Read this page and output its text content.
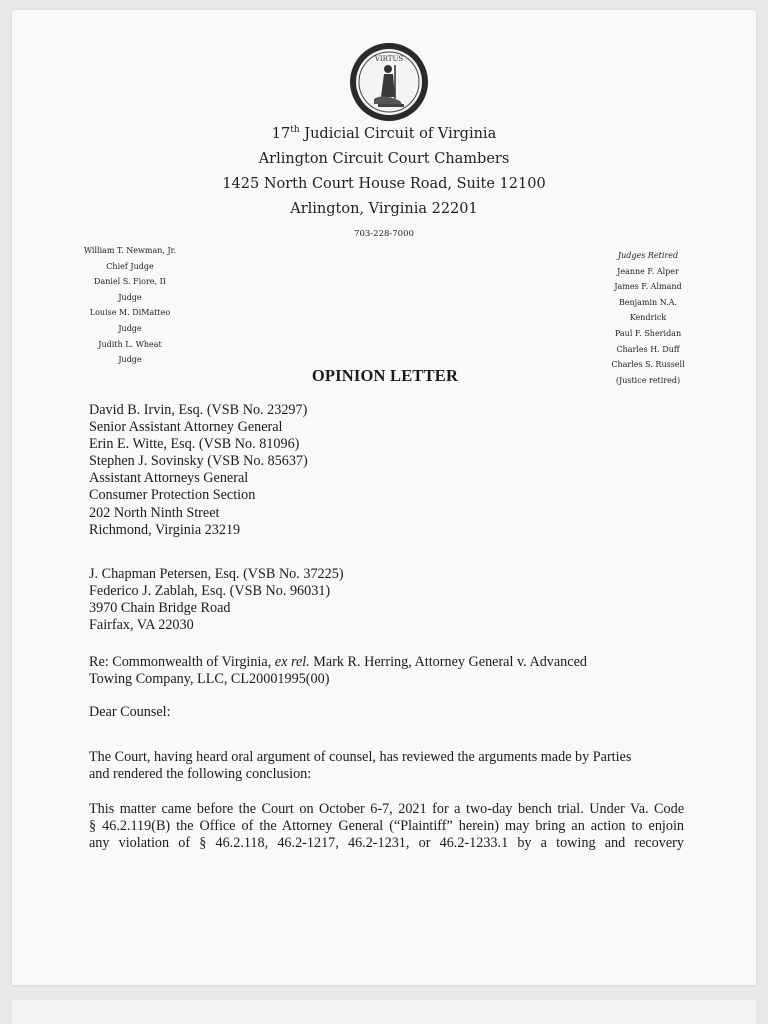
VIRTUS
17th Judicial Circuit of Virginia
Arlington Circuit Court Chambers
1425 North Court House Road, Suite 12100
Arlington, Virginia 22201
703-228-7000
William T. Newman, Jr.
Chief Judge
Daniel S. Fiore, II
Judge
Louise M. DiMatteo
Judge
Judith L. Wheat
Judge
Judges Retired
Jeanne F. Alper
James F. Almand
Benjamin N.A. Kendrick
Paul F. Sheridan
Charles H. Duff
Charles S. Russell
(Justice retired)
OPINION LETTER
David B. Irvin, Esq. (VSB No. 23297)
Senior Assistant Attorney General
Erin E. Witte, Esq. (VSB No. 81096)
Stephen J. Sovinsky (VSB No. 85637)
Assistant Attorneys General
Consumer Protection Section
202 North Ninth Street
Richmond, Virginia 23219
J. Chapman Petersen, Esq. (VSB No. 37225)
Federico J. Zablah, Esq. (VSB No. 96031)
3970 Chain Bridge Road
Fairfax, VA 22030
Re: Commonwealth of Virginia, ex rel. Mark R. Herring, Attorney General v. Advanced
Towing Company, LLC, CL20001995(00)
Dear Counsel:
The Court, having heard oral argument of counsel, has reviewed the arguments made by Parties
and rendered the following conclusion:
This matter came before the Court on October 6-7, 2021 for a two-day bench trial. Under Va. Code
§ 46.2.119(B) the Office of the Attorney General (“Plaintiff” herein) may bring an action to enjoin
any violation of § 46.2.118, 46.2-1217, 46.2-1231, or 46.2-1233.1 by a towing and recovery
